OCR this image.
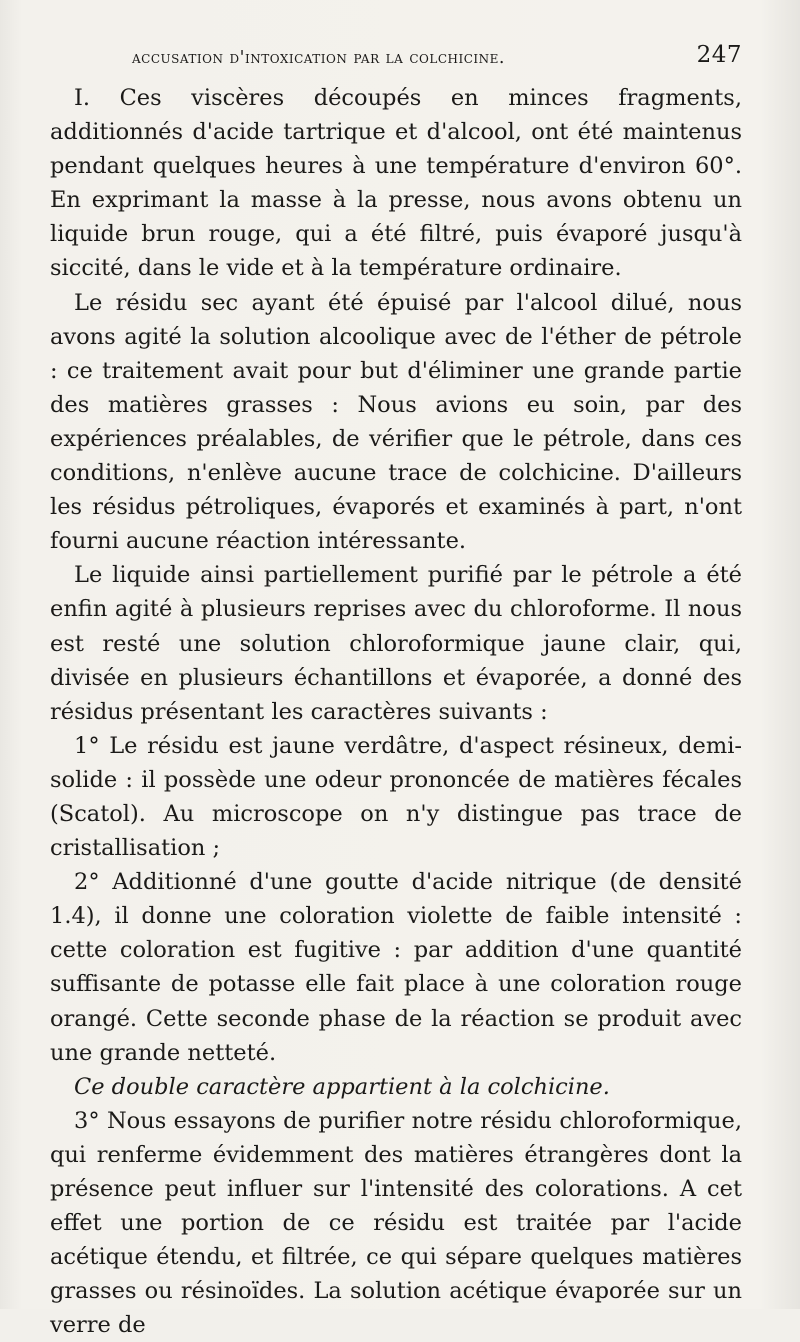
accusation d'intoxication par la colchicine.	247

I. Ces viscères découpés en minces fragments, additionnés d'acide tartrique et d'alcool, ont été maintenus pendant quelques heures à une température d'environ 60°. En exprimant la masse à la presse, nous avons obtenu un liquide brun rouge, qui a été filtré, puis évaporé jusqu'à siccité, dans le vide et à la température ordinaire.

Le résidu sec ayant été épuisé par l'alcool dilué, nous avons agité la solution alcoolique avec de l'éther de pétrole : ce traitement avait pour but d'éliminer une grande partie des matières grasses : Nous avions eu soin, par des expériences préalables, de vérifier que le pétrole, dans ces conditions, n'enlève aucune trace de colchicine. D'ailleurs les résidus pétroliques, évaporés et examinés à part, n'ont fourni aucune réaction intéressante.

Le liquide ainsi partiellement purifié par le pétrole a été enfin agité à plusieurs reprises avec du chloroforme. Il nous est resté une solution chloroformique jaune clair, qui, divisée en plusieurs échantillons et évaporée, a donné des résidus présentant les caractères suivants :

1° Le résidu est jaune verdâtre, d'aspect résineux, demi-solide : il possède une odeur prononcée de matières fécales (Scatol). Au microscope on n'y distingue pas trace de cristallisation ;

2° Additionné d'une goutte d'acide nitrique (de densité 1.4), il donne une coloration violette de faible intensité : cette coloration est fugitive : par addition d'une quantité suffisante de potasse elle fait place à une coloration rouge orangé. Cette seconde phase de la réaction se produit avec une grande netteté.

Ce double caractère appartient à la colchicine.

3° Nous essayons de purifier notre résidu chloroformique, qui renferme évidemment des matières étrangères dont la présence peut influer sur l'intensité des colorations. A cet effet une portion de ce résidu est traitée par l'acide acétique étendu, et filtrée, ce qui sépare quelques matières grasses ou résinoïdes. La solution acétique évaporée sur un verre de
